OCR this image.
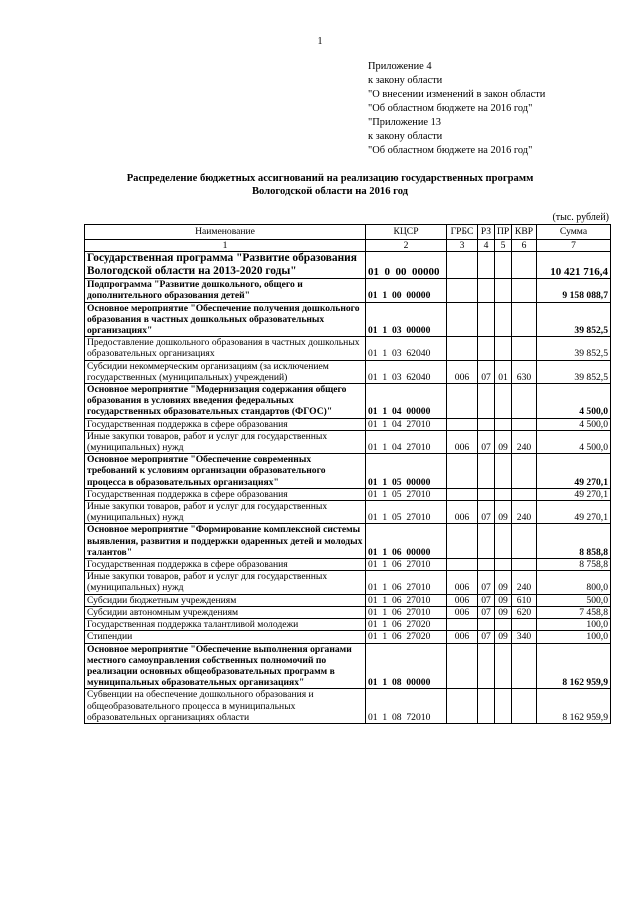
1
Приложение 4
к закону области
"О внесении изменений в закон области
"Об областном бюджете на 2016 год"
"Приложение 13
к закону области
"Об областном бюджете на 2016 год"
Распределение бюджетных ассигнований на реализацию государственных программ
Вологодской области на 2016 год
(тыс. рублей)
Наименование	КЦСР	ГРБС	РЗ	ПР	КВР	Сумма
1	2	3	4	5	6	7
Государственная программа "Развитие образования Вологодской области на 2013-2020 годы"	01  0  00  00000					10 421 716,4
Подпрограмма "Развитие дошкольного, общего и дополнительного образования детей"	01  1  00  00000					9 158 088,7
Основное мероприятие "Обеспечение получения дошкольного образования в частных дошкольных образовательных организациях"	01  1  03  00000					39 852,5
Предоставление дошкольного образования в частных дошкольных образовательных организациях	01  1  03  62040					39 852,5
Субсидии некоммерческим организациям (за исключением государственных (муниципальных) учреждений)	01  1  03  62040	006	07	01	630	39 852,5
Основное мероприятие "Модернизация содержания общего образования в условиях введения федеральных государственных образовательных стандартов (ФГОС)"	01  1  04  00000					4 500,0
Государственная поддержка в сфере образования	01  1  04  27010					4 500,0
Иные закупки товаров, работ и услуг для государственных (муниципальных) нужд	01  1  04  27010	006	07	09	240	4 500,0
Основное мероприятие "Обеспечение современных требований к условиям организации образовательного процесса в образовательных организациях"	01  1  05  00000					49 270,1
Государственная поддержка в сфере образования	01  1  05  27010					49 270,1
Иные закупки товаров, работ и услуг для государственных (муниципальных) нужд	01  1  05  27010	006	07	09	240	49 270,1
Основное мероприятие "Формирование комплексной системы выявления, развития и поддержки одаренных детей и молодых талантов"	01  1  06  00000					8 858,8
Государственная поддержка в сфере образования	01  1  06  27010					8 758,8
Иные закупки товаров, работ и услуг для государственных (муниципальных) нужд	01  1  06  27010	006	07	09	240	800,0
Субсидии бюджетным учреждениям	01  1  06  27010	006	07	09	610	500,0
Субсидии автономным учреждениям	01  1  06  27010	006	07	09	620	7 458,8
Государственная поддержка талантливой молодежи	01  1  06  27020					100,0
Стипендии	01  1  06  27020	006	07	09	340	100,0
Основное мероприятие "Обеспечение выполнения органами местного самоуправления собственных полномочий по реализации основных общеобразовательных программ в муниципальных образовательных организациях"	01  1  08  00000					8 162 959,9
Субвенции на обеспечение дошкольного образования и общеобразовательного процесса в муниципальных образовательных организациях области	01  1  08  72010					8 162 959,9
